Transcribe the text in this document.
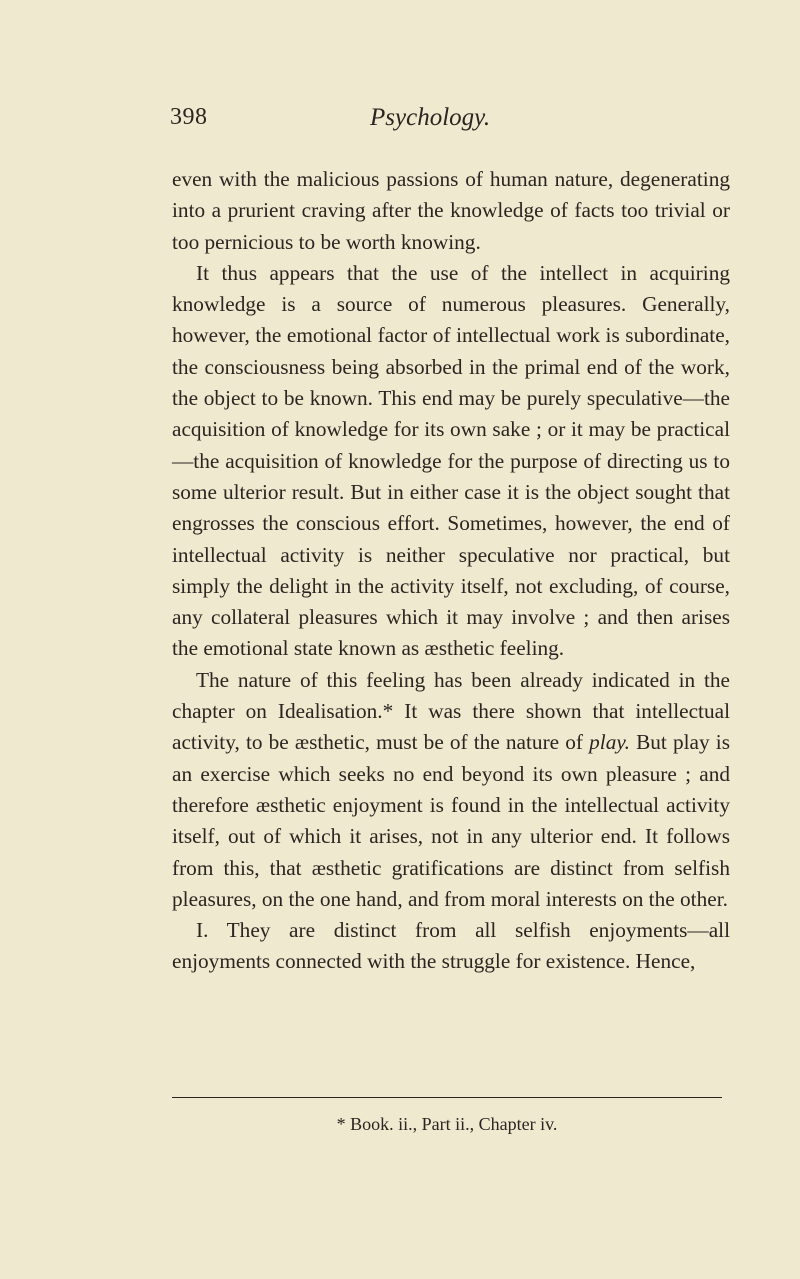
398	Psychology.

even with the malicious passions of human nature, degenerating into a prurient craving after the knowledge of facts too trivial or too pernicious to be worth knowing.

It thus appears that the use of the intellect in acquiring knowledge is a source of numerous pleasures. Generally, however, the emotional factor of intellectual work is subordinate, the consciousness being absorbed in the primal end of the work, the object to be known. This end may be purely speculative—the acquisition of knowledge for its own sake ; or it may be practical—the acquisition of knowledge for the purpose of directing us to some ulterior result. But in either case it is the object sought that engrosses the conscious effort. Sometimes, however, the end of intellectual activity is neither speculative nor practical, but simply the delight in the activity itself, not excluding, of course, any collateral pleasures which it may involve ; and then arises the emotional state known as æsthetic feeling.

The nature of this feeling has been already indicated in the chapter on Idealisation.* It was there shown that intellectual activity, to be æsthetic, must be of the nature of play. But play is an exercise which seeks no end beyond its own pleasure ; and therefore æsthetic enjoyment is found in the intellectual activity itself, out of which it arises, not in any ulterior end. It follows from this, that æsthetic gratifications are distinct from selfish pleasures, on the one hand, and from moral interests on the other.

I. They are distinct from all selfish enjoyments—all enjoyments connected with the struggle for existence. Hence,

* Book. ii., Part ii., Chapter iv.
